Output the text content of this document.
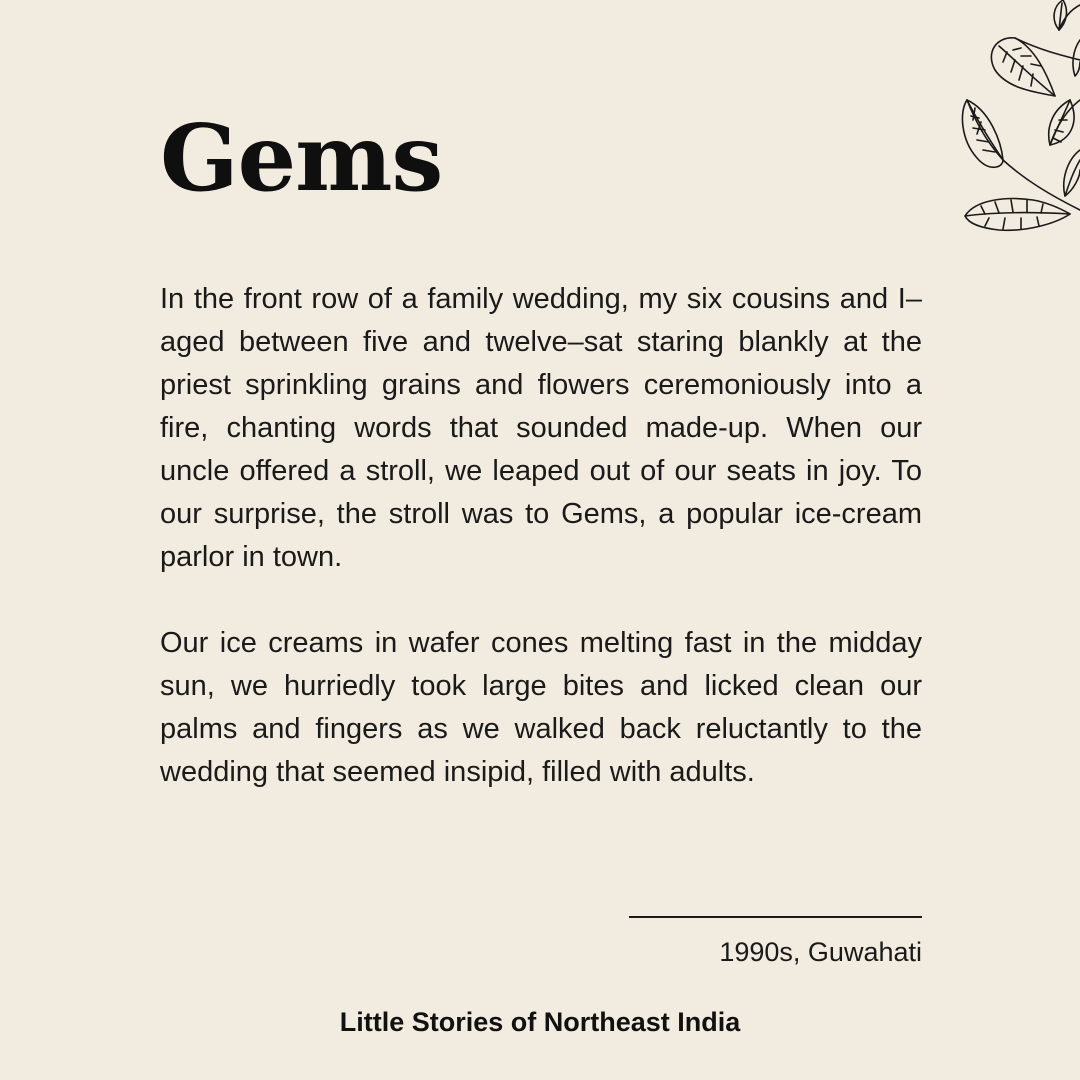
Gems

In the front row of a family wedding, my six cousins and I–aged between five and twelve–sat staring blankly at the priest sprinkling grains and flowers ceremoniously into a fire, chanting words that sounded made-up. When our uncle offered a stroll, we leaped out of our seats in joy. To our surprise, the stroll was to Gems, a popular ice-cream parlor in town.

Our ice creams in wafer cones melting fast in the midday sun, we hurriedly took large bites and licked clean our palms and fingers as we walked back reluctantly to the wedding that seemed insipid, filled with adults.

1990s, Guwahati
Little Stories of Northeast India
